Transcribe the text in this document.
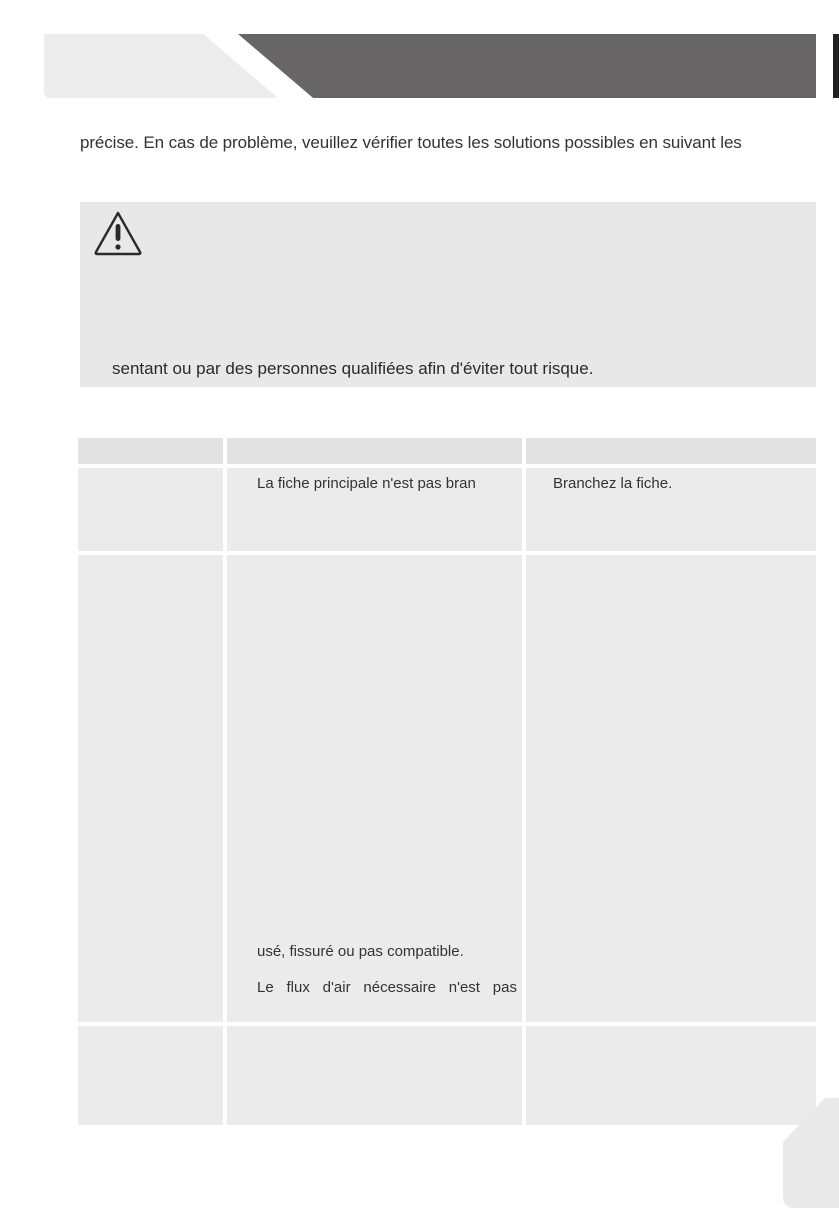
précise. En cas de problème, veuillez vérifier toutes les solutions possibles en suivant les
sentant ou par des personnes qualifiées afin d'éviter tout risque.
La fiche principale n'est pas bran	Branchez la fiche.
usé, fissuré ou pas compatible.
Le flux d'air nécessaire n'est pas
